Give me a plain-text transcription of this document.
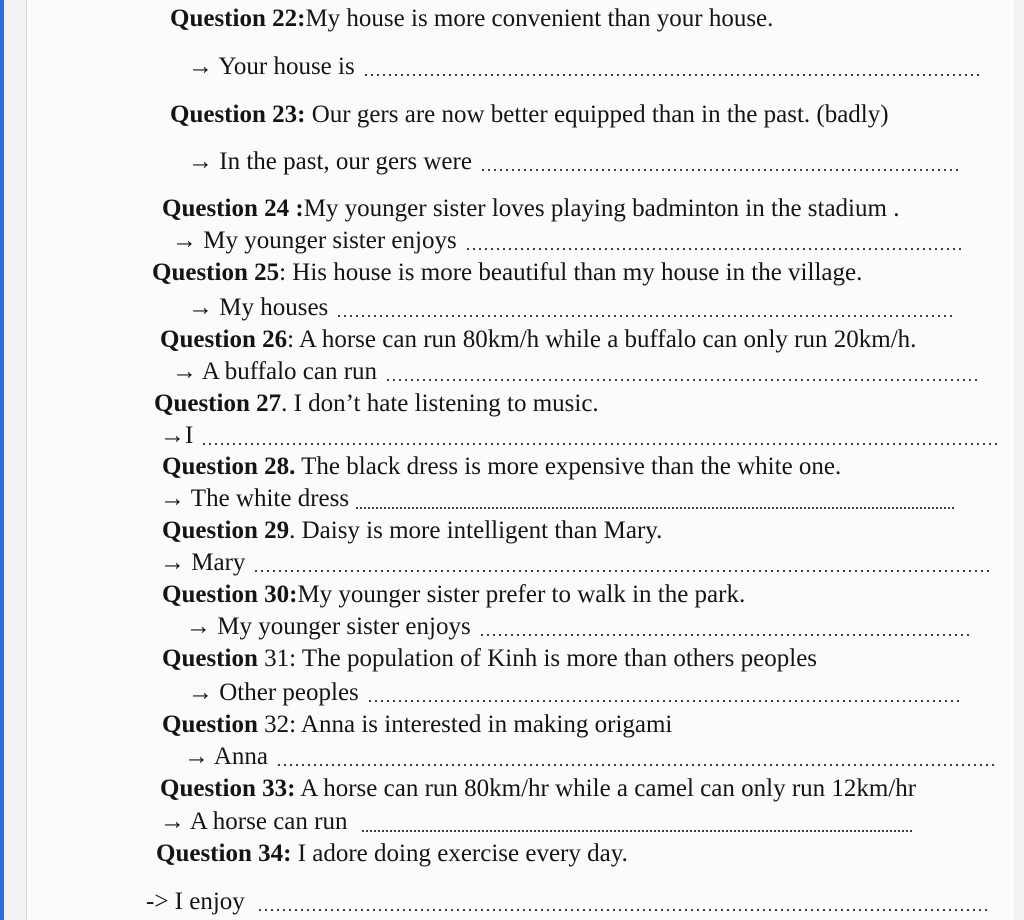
Question 22:My house is more convenient than your house.
→ Your house is
Question 23: Our gers are now better equipped than in the past. (badly)
→ In the past, our gers were
Question 24 :My younger sister loves playing badminton in the stadium .
→ My younger sister enjoys
Question 25: His house is more beautiful than my house in the village.
→ My houses
Question 26: A horse can run 80km/h while a buffalo can only run 20km/h.
→ A buffalo can run
Question 27. I don’t hate listening to music.
→I
Question 28. The black dress is more expensive than the white one.
→ The white dress
Question 29. Daisy is more intelligent than Mary.
→ Mary
Question 30:My younger sister prefer to walk in the park.
→ My younger sister enjoys
Question 31: The population of Kinh is more than others peoples
→ Other peoples
Question 32: Anna is interested in making origami
→ Anna
Question 33: A horse can run 80km/hr while a camel can only run 12km/hr
→ A horse can run
Question 34: I adore doing exercise every day.
-> I enjoy
